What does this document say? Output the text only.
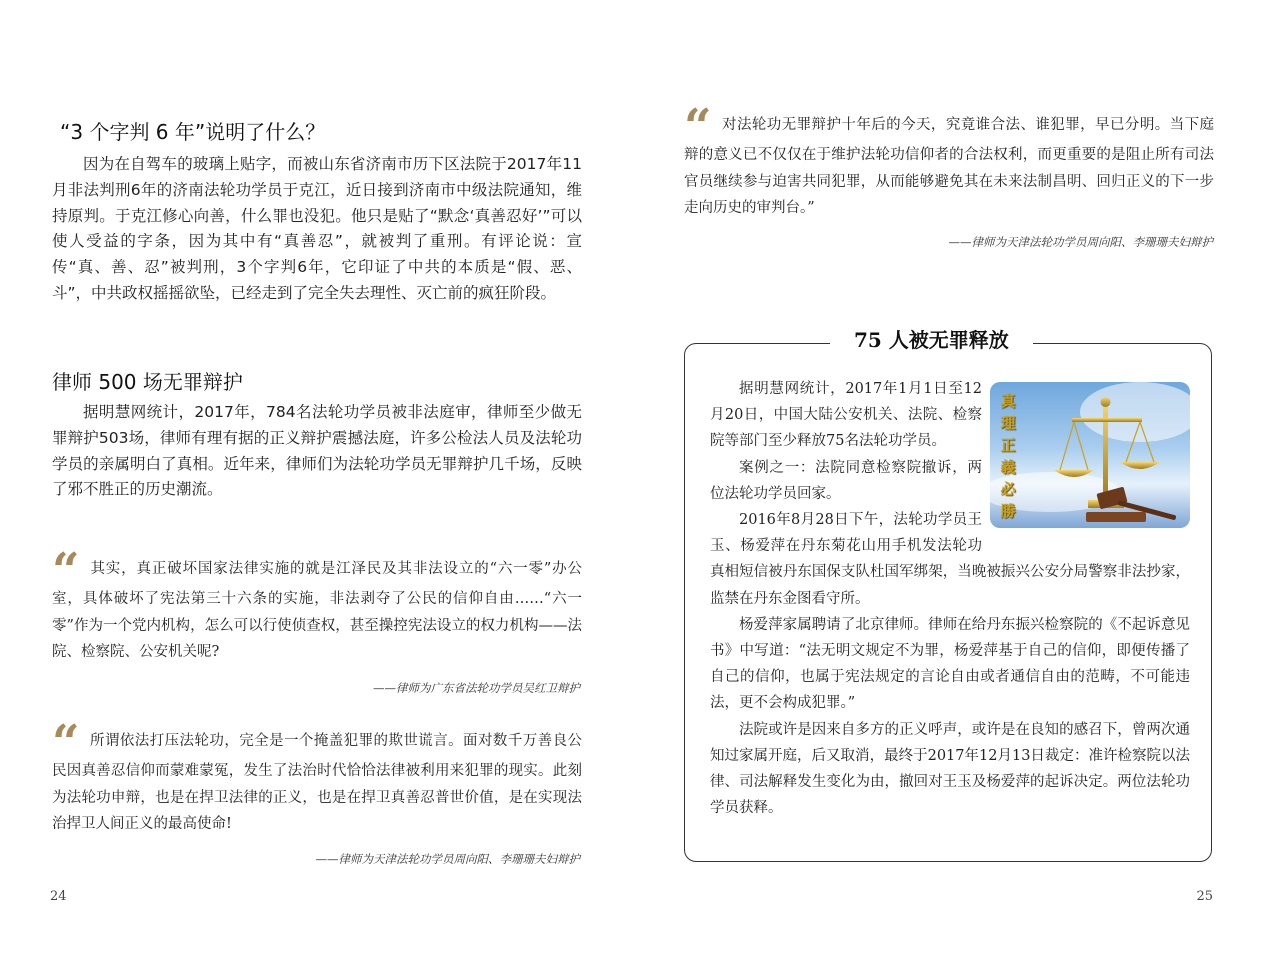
“3 个字判 6 年”说明了什么？

因为在自驾车的玻璃上贴字，而被山东省济南市历下区法院于2017年11月非法判刑6年的济南法轮功学员于克江，近日接到济南市中级法院通知，维持原判。于克江修心向善，什么罪也没犯。他只是贴了“默念‘真善忍好’”可以使人受益的字条，因为其中有“真善忍”，就被判了重刑。有评论说：宣传“真、善、忍”被判刑，3个字判6年，它印证了中共的本质是“假、恶、斗”，中共政权摇摇欲坠，已经走到了完全失去理性、灭亡前的疯狂阶段。

律师 500 场无罪辩护

据明慧网统计，2017年，784名法轮功学员被非法庭审，律师至少做无罪辩护503场，律师有理有据的正义辩护震撼法庭，许多公检法人员及法轮功学员的亲属明白了真相。近年来，律师们为法轮功学员无罪辩护几千场，反映了邪不胜正的历史潮流。

“ 其实，真正破坏国家法律实施的就是江泽民及其非法设立的“六一零”办公室，具体破坏了宪法第三十六条的实施，非法剥夺了公民的信仰自由……“六一零”作为一个党内机构，怎么可以行使侦查权，甚至操控宪法设立的权力机构——法院、检察院、公安机关呢?
——律师为广东省法轮功学员吴红卫辩护
“ 所谓依法打压法轮功，完全是一个掩盖犯罪的欺世谎言。面对数千万善良公民因真善忍信仰而蒙难蒙冤，发生了法治时代恰恰法律被利用来犯罪的现实。此刻为法轮功申辩，也是在捍卫法律的正义，也是在捍卫真善忍普世价值，是在实现法治捍卫人间正义的最高使命!
——律师为天津法轮功学员周向阳、李珊珊夫妇辩护
24
“ 对法轮功无罪辩护十年后的今天，究竟谁合法、谁犯罪，早已分明。当下庭辩的意义已不仅仅在于维护法轮功信仰者的合法权利，而更重要的是阻止所有司法官员继续参与迫害共同犯罪，从而能够避免其在未来法制昌明、回归正义的下一步走向历史的审判台。”
——律师为天津法轮功学员周向阳、李珊珊夫妇辩护
75 人被无罪释放
真理正義必勝

据明慧网统计，2017年1月1日至12月20日，中国大陆公安机关、法院、检察院等部门至少释放75名法轮功学员。

案例之一：法院同意检察院撤诉，两位法轮功学员回家。

2016年8月28日下午，法轮功学员王玉、杨爱萍在丹东菊花山用手机发法轮功真相短信被丹东国保支队杜国军绑架，当晚被振兴公安分局警察非法抄家，监禁在丹东金图看守所。

杨爱萍家属聘请了北京律师。律师在给丹东振兴检察院的《不起诉意见书》中写道：“法无明文规定不为罪，杨爱萍基于自己的信仰，即便传播了自己的信仰，也属于宪法规定的言论自由或者通信自由的范畴，不可能违法，更不会构成犯罪。”

法院或许是因来自多方的正义呼声，或许是在良知的感召下，曾两次通知过家属开庭，后又取消，最终于2017年12月13日裁定：准许检察院以法律、司法解释发生变化为由，撤回对王玉及杨爱萍的起诉决定。两位法轮功学员获释。

25
